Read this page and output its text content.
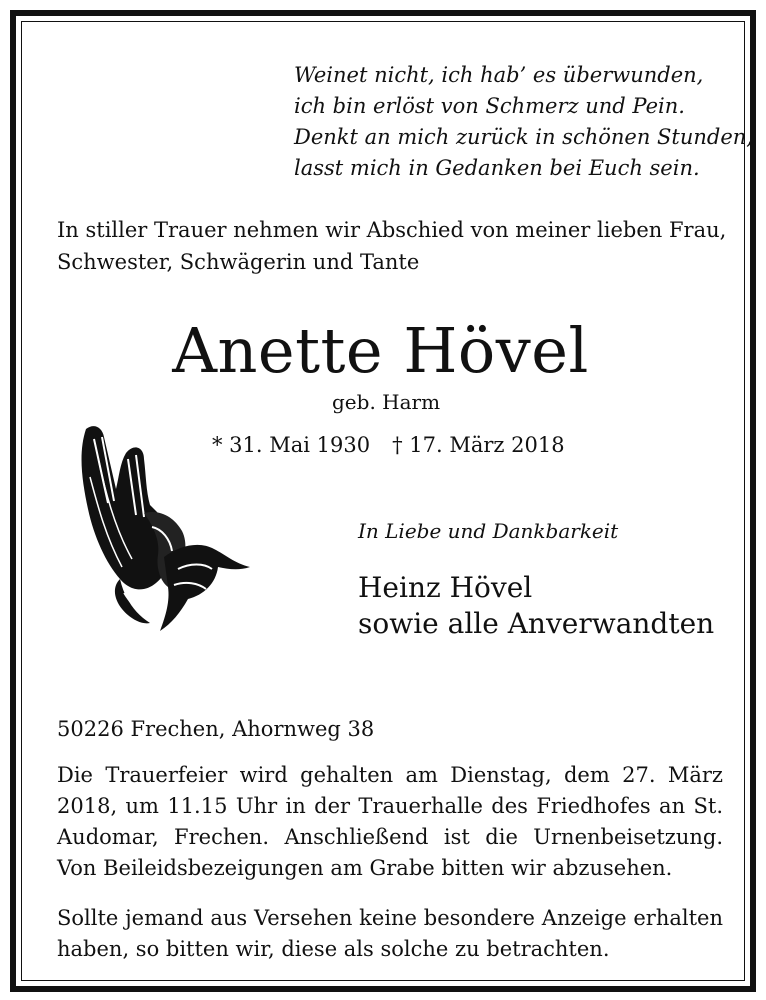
Weinet nicht, ich hab’ es überwunden,
ich bin erlöst von Schmerz und Pein.
Denkt an mich zurück in schönen Stunden,
lasst mich in Gedanken bei Euch sein.
In stiller Trauer nehmen wir Abschied von meiner lieben Frau,
Schwester, Schwägerin und Tante
Anette Hövel
geb. Harm
* 31. Mai 1930 † 17. März 2018
In Liebe und Dankbarkeit
Heinz Hövel
sowie alle Anverwandten
50226 Frechen, Ahornweg 38

Die Trauerfeier wird gehalten am Dienstag, dem 27. März 2018, um 11.15 Uhr in der Trauerhalle des Friedhofes an St. Audomar, Frechen. Anschließend ist die Urnenbeisetzung. Von Beileidsbezeigungen am Grabe bitten wir abzusehen.

Sollte jemand aus Versehen keine besondere Anzeige erhalten haben, so bitten wir, diese als solche zu betrachten.
